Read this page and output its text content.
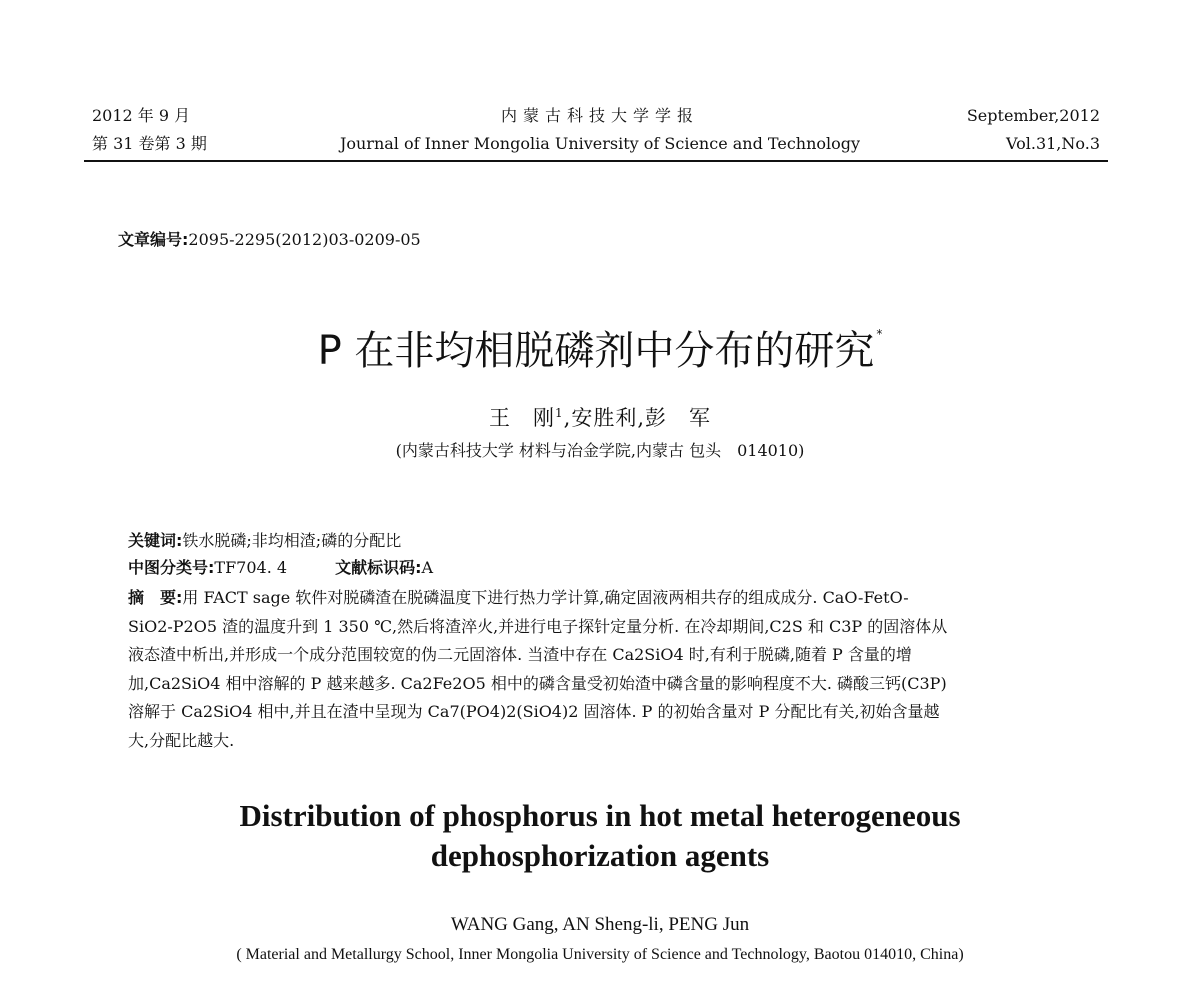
2012 年 9 月
第 31 卷第 3 期
内蒙古科技大学学报
Journal of Inner Mongolia University of Science and Technology
September,2012
Vol.31,No.3
文章编号:2095-2295(2012)03-0209-05
P 在非均相脱磷剂中分布的研究 *
王　刚$^1$,安胜利,彭　军
(内蒙古科技大学 材料与冶金学院,内蒙古 包头　014010)
关键词:铁水脱磷;非均相渣;磷的分配比
中图分类号:TF704. 4	文献标识码:A
摘　要:用 FACT sage 软件对脱磷渣在脱磷温度下进行热力学计算,确定固液两相共存的组成成分. CaO-FetO-
SiO2-P2O5 渣的温度升到 1 350 ℃,然后将渣淬火,并进行电子探针定量分析. 在冷却期间,C2S 和 C3P 的固溶体从
液态渣中析出,并形成一个成分范围较宽的伪二元固溶体. 当渣中存在 Ca2SiO4 时,有利于脱磷,随着 P 含量的增
加,Ca2SiO4 相中溶解的 P 越来越多. Ca2Fe2O5 相中的磷含量受初始渣中磷含量的影响程度不大. 磷酸三钙(C3P)
溶解于 Ca2SiO4 相中,并且在渣中呈现为 Ca7(PO4)2(SiO4)2 固溶体. P 的初始含量对 P 分配比有关,初始含量越
大,分配比越大.
Distribution of phosphorus in hot metal heterogeneous
dephosphorization agents
WANG Gang, AN Sheng-li, PENG Jun
( Material and Metallurgy School, Inner Mongolia University of Science and Technology, Baotou 014010, China)
